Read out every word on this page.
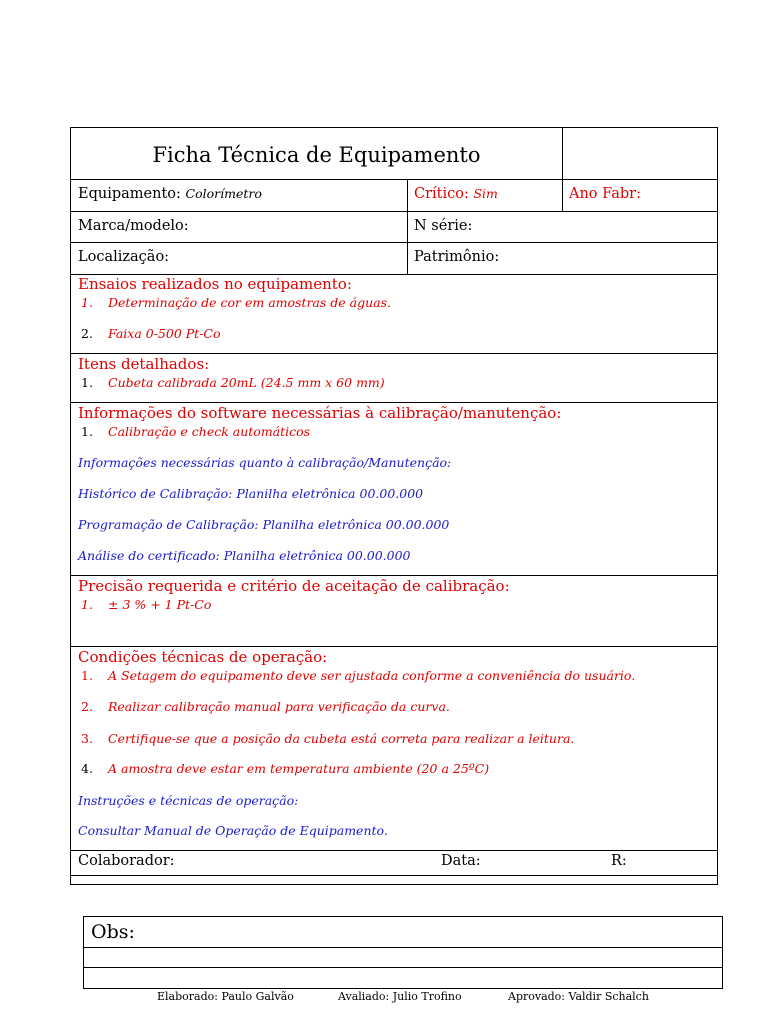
Ficha Técnica de Equipamento
Equipamento: Colorímetro	Crítico: Sim	Ano Fabr:
Marca/modelo:	N série:
Localização:	Patrimônio:
Ensaios realizados no equipamento:
1. Determinação de cor em amostras de águas.
2. Faixa 0-500 Pt-Co
Itens detalhados:
1. Cubeta calibrada 20mL (24.5 mm x 60 mm)
Informações do software necessárias à calibração/manutenção:
1. Calibração e check automáticos
Informações necessárias quanto à calibração/Manutenção:
Histórico de Calibração: Planilha eletrônica 00.00.000
Programação de Calibração: Planilha eletrônica 00.00.000
Análise do certificado: Planilha eletrônica 00.00.000
Precisão requerida e critério de aceitação de calibração:
1. ± 3 % + 1 Pt-Co
Condições técnicas de operação:
1. A Setagem do equipamento deve ser ajustada conforme a conveniência do usuário.
2. Realizar calibração manual para verificação da curva.
3. Certifique-se que a posição da cubeta está correta para realizar a leitura.
4. A amostra deve estar em temperatura ambiente (20 a 25ºC)
Instruções e técnicas de operação:
Consultar Manual de Operação de Equipamento.
Colaborador:	Data:	R:
Obs:
Elaborado: Paulo Galvão	Avaliado: Julio Trofino	Aprovado: Valdir Schalch
